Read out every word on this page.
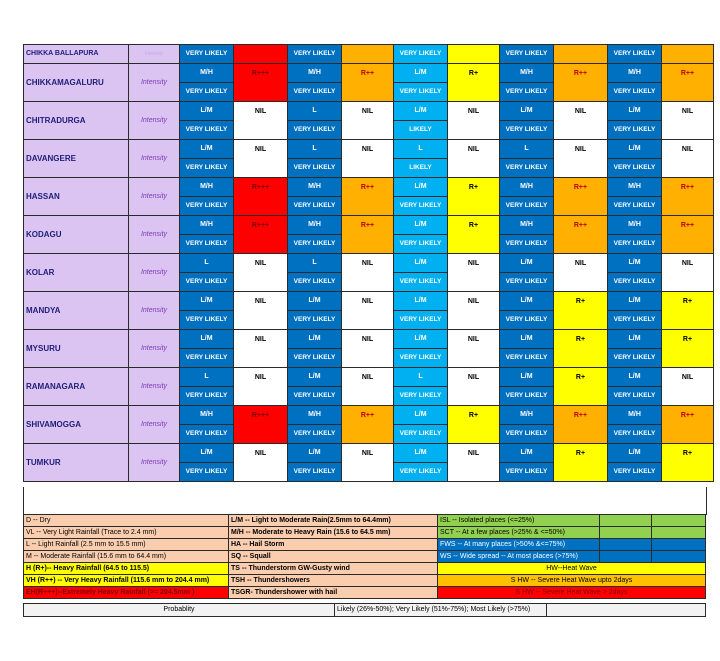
CHIKKA BALLAPURA	Intensity	VERY LIKELY		VERY LIKELY		VERY LIKELY		VERY LIKELY		VERY LIKELY	
CHIKKAMAGALURU	Intensity	M/H	R+++	M/H	R++	L/M	R+	M/H	R++	M/H	R++
		VERY LIKELY		VERY LIKELY		VERY LIKELY		VERY LIKELY		VERY LIKELY	
CHITRADURGA	Intensity	L/M	NIL	L	NIL	L/M	NIL	L/M	NIL	L/M	NIL
		VERY LIKELY		VERY LIKELY		LIKELY		VERY LIKELY		VERY LIKELY	
DAVANGERE	Intensity	L/M	NIL	L	NIL	L	NIL	L	NIL	L/M	NIL
		VERY LIKELY		VERY LIKELY		LIKELY		VERY LIKELY		VERY LIKELY	
HASSAN	Intensity	M/H	R+++	M/H	R++	L/M	R+	M/H	R++	M/H	R++
		VERY LIKELY		VERY LIKELY		VERY LIKELY		VERY LIKELY		VERY LIKELY	
KODAGU	Intensity	M/H	R+++	M/H	R++	L/M	R+	M/H	R++	M/H	R++
		VERY LIKELY		VERY LIKELY		VERY LIKELY		VERY LIKELY		VERY LIKELY	
KOLAR	Intensity	L	NIL	L	NIL	L/M	NIL	L/M	NIL	L/M	NIL
		VERY LIKELY		VERY LIKELY		VERY LIKELY		VERY LIKELY		VERY LIKELY	
MANDYA	Intensity	L/M	NIL	L/M	NIL	L/M	NIL	L/M	R+	L/M	R+
		VERY LIKELY		VERY LIKELY		VERY LIKELY		VERY LIKELY		VERY LIKELY	
MYSURU	Intensity	L/M	NIL	L/M	NIL	L/M	NIL	L/M	R+	L/M	R+
		VERY LIKELY		VERY LIKELY		VERY LIKELY		VERY LIKELY		VERY LIKELY	
RAMANAGARA	Intensity	L	NIL	L/M	NIL	L	NIL	L/M	R+	L/M	NIL
		VERY LIKELY		VERY LIKELY		VERY LIKELY		VERY LIKELY		VERY LIKELY	
SHIVAMOGGA	Intensity	M/H	R+++	M/H	R++	L/M	R+	M/H	R++	M/H	R++
		VERY LIKELY		VERY LIKELY		VERY LIKELY		VERY LIKELY		VERY LIKELY	
TUMKUR	Intensity	L/M	NIL	L/M	NIL	L/M	NIL	L/M	R+	L/M	R+
		VERY LIKELY		VERY LIKELY		VERY LIKELY		VERY LIKELY		VERY LIKELY	
D -- Dry	L/M -- Light to Moderate Rain(2.5mm to 64.4mm)	ISL -- Isolated places (<=25%)		
VL -- Very Light Rainfall (Trace to 2.4 mm)	M/H -- Moderate to Heavy Rain (15.6 to 64.5 mm)	SCT -- At a few places (>25% & <=50%)		
L -- Light Rainfall (2.5 mm to 15.5 mm)	HA -- Hail Storm	FWS -- At many places (>50% &<=75%)		
M -- Moderate Rainfall (15.6 mm to 64.4 mm)	SQ -- Squall	WS -- Wide spread -- At most places (>75%)		
H (R+)-- Heavy Rainfall (64.5 to 115.5)	TS -- Thunderstorm GW-Gusty wind	HW--Heat Wave		
VH (R++) -- Very Heavy Rainfall (115.6 mm to 204.4 mm)	TSH -- Thundershowers	S HW -- Severe Heat Wave upto 2days		
EH(R+++)--Extremely Heavy Rainfall (>= 204.5mm )	TSGR- Thundershower with hail	S HW -- Severe Heat Wave > 2days		
Probablity	Likely (26%-50%); Very Likely (51%-75%); Most Likely (>75%)	
